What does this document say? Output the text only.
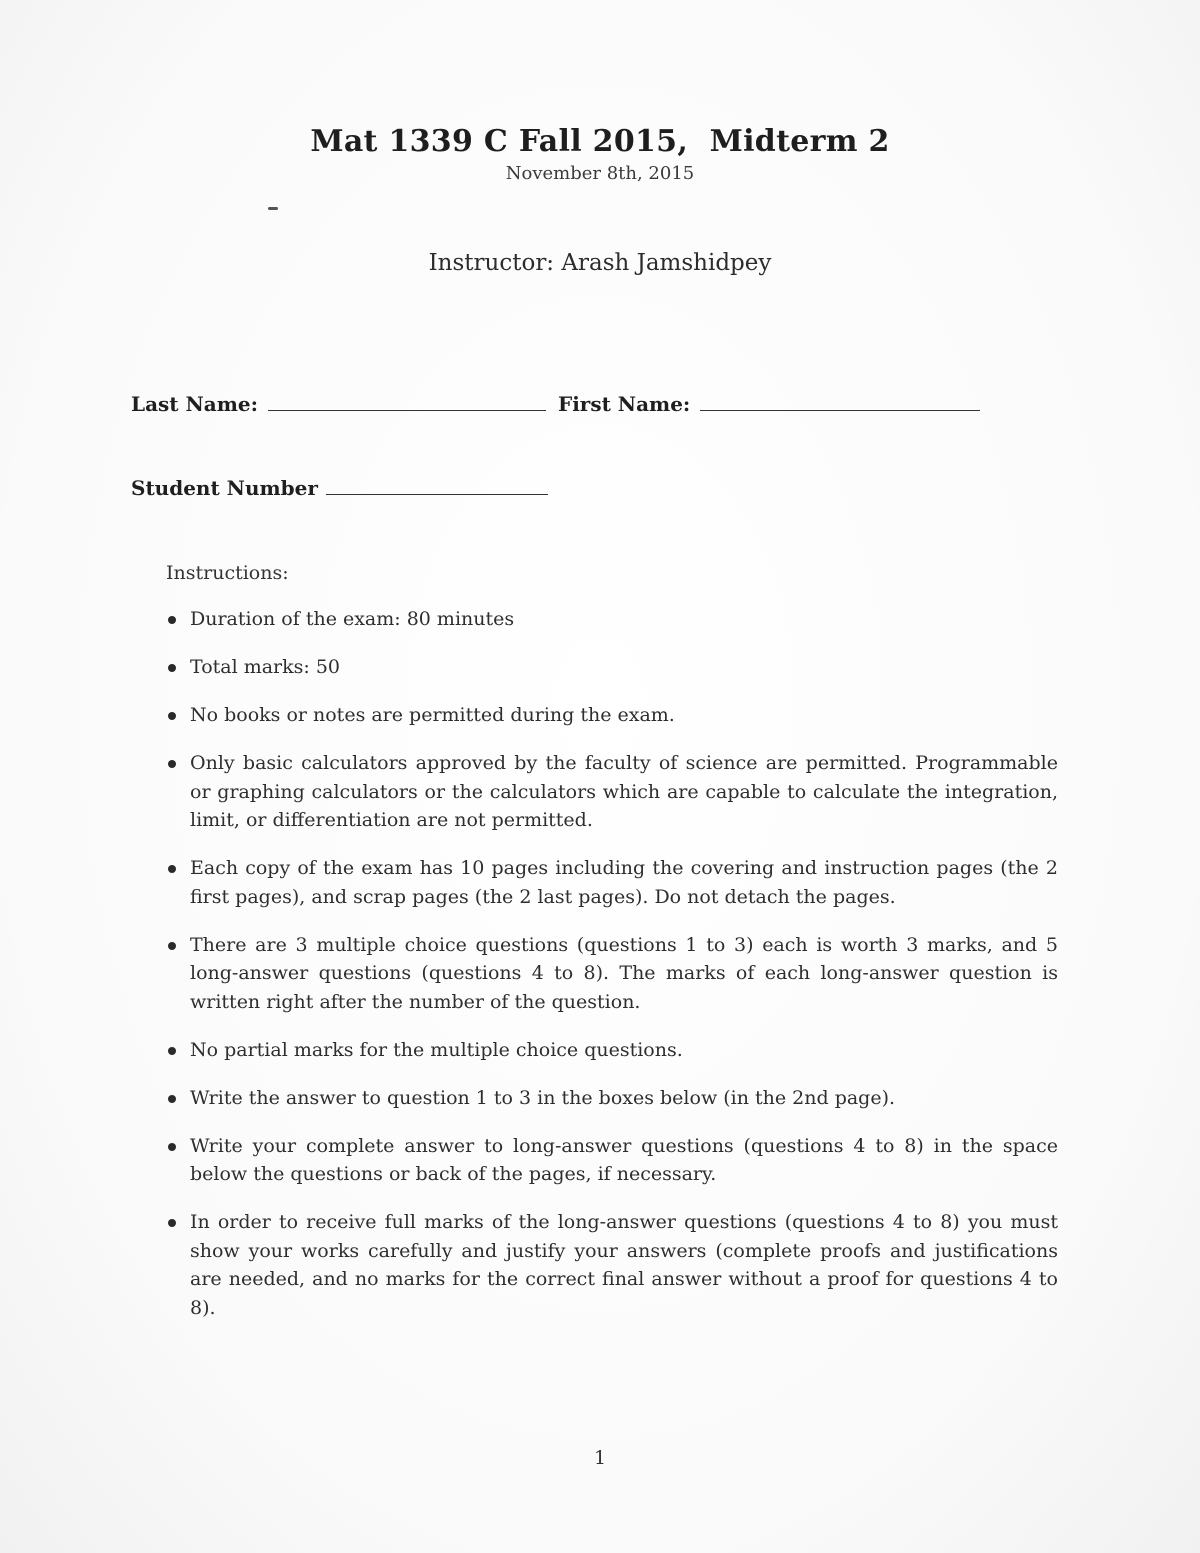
Mat 1339 C Fall 2015,  Midterm 2
November 8th, 2015
Instructor: Arash Jamshidpey
Last Name:	First Name:
Student Number
Instructions:
Duration of the exam: 80 minutes
Total marks: 50
No books or notes are permitted during the exam.
Only basic calculators approved by the faculty of science are permitted. Programmable or graphing calculators or the calculators which are capable to calculate the integration, limit, or differentiation are not permitted.
Each copy of the exam has 10 pages including the covering and instruction pages (the 2 first pages), and scrap pages (the 2 last pages). Do not detach the pages.
There are 3 multiple choice questions (questions 1 to 3) each is worth 3 marks, and 5 long-answer questions (questions 4 to 8). The marks of each long-answer question is written right after the number of the question.
No partial marks for the multiple choice questions.
Write the answer to question 1 to 3 in the boxes below (in the 2nd page).
Write your complete answer to long-answer questions (questions 4 to 8) in the space below the questions or back of the pages, if necessary.
In order to receive full marks of the long-answer questions (questions 4 to 8) you must show your works carefully and justify your answers (complete proofs and justifications are needed, and no marks for the correct final answer without a proof for questions 4 to 8).
1
